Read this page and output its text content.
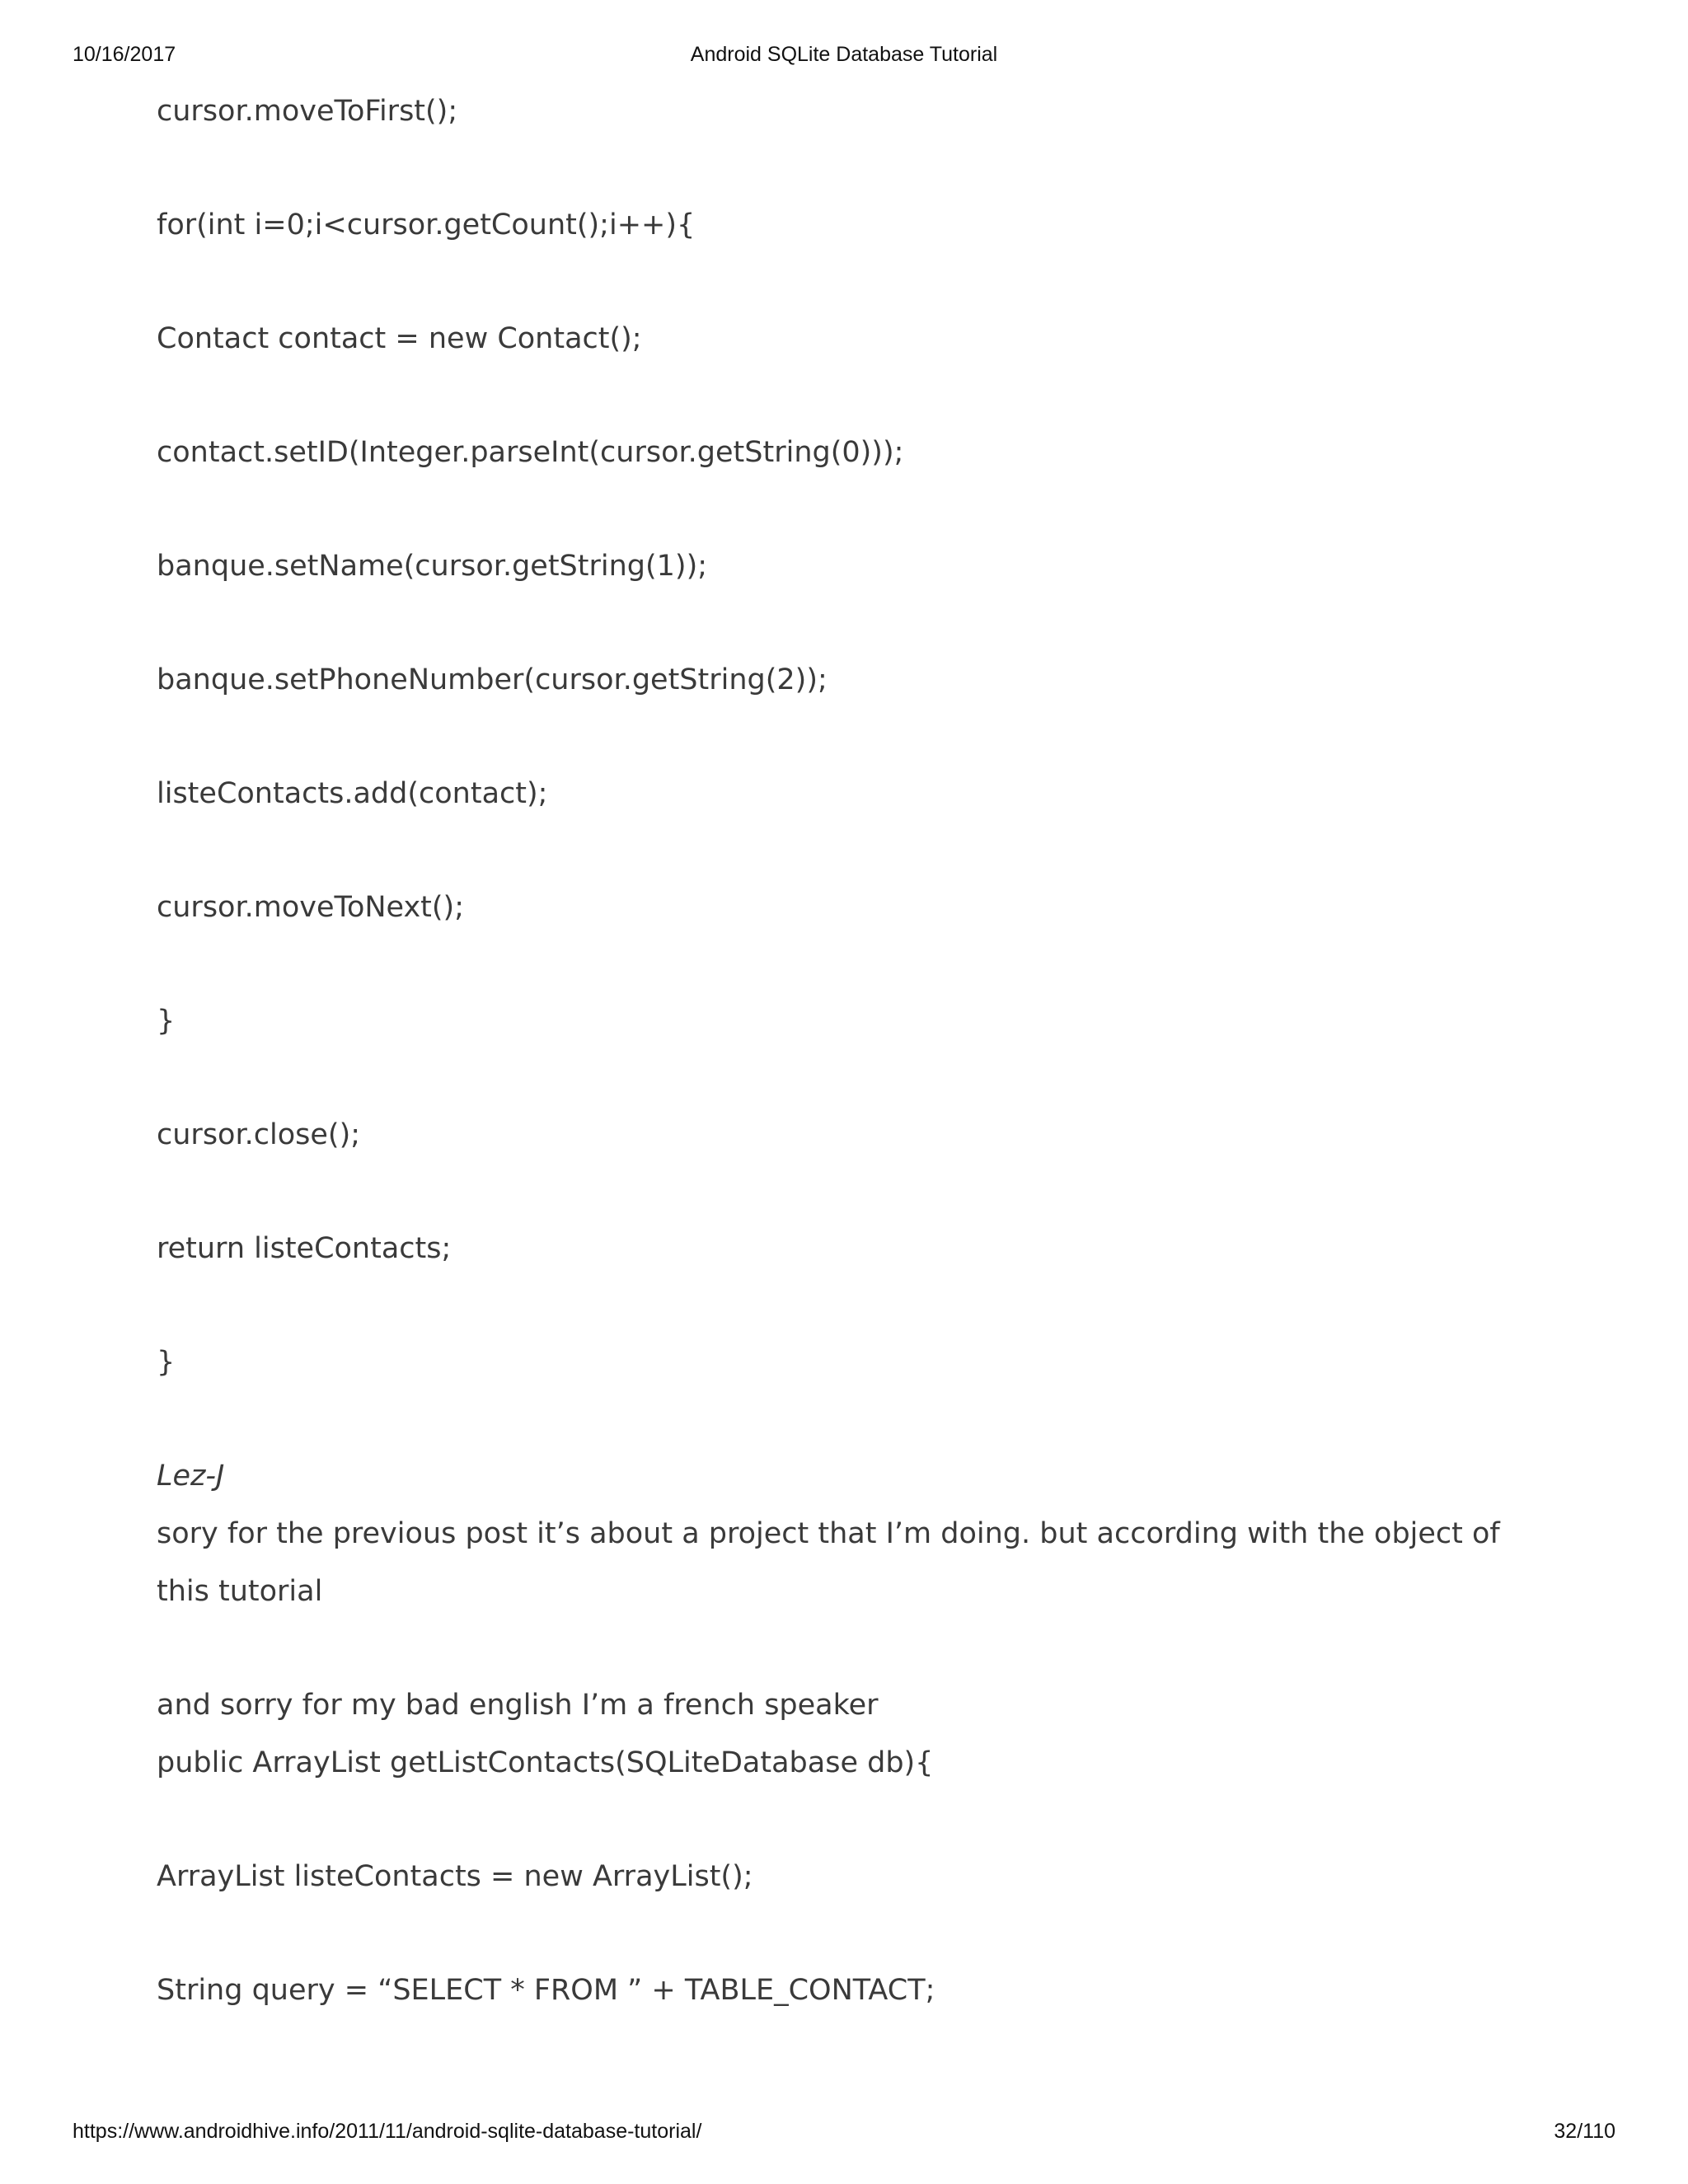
10/16/2017	Android SQLite Database Tutorial

cursor.moveToFirst();

for(int i=0;i<cursor.getCount();i++){

Contact contact = new Contact();

contact.setID(Integer.parseInt(cursor.getString(0)));

banque.setName(cursor.getString(1));

banque.setPhoneNumber(cursor.getString(2));

listeContacts.add(contact);

cursor.moveToNext();

}

cursor.close();

return listeContacts;

}

Lez-J

sory for the previous post it’s about a project that I’m doing. but according with the object of this tutorial

and sorry for my bad english I’m a french speaker

public ArrayList getListContacts(SQLiteDatabase db){

ArrayList listeContacts = new ArrayList();

String query = “SELECT * FROM ” + TABLE_CONTACT;

https://www.androidhive.info/2011/11/android-sqlite-database-tutorial/	32/110
